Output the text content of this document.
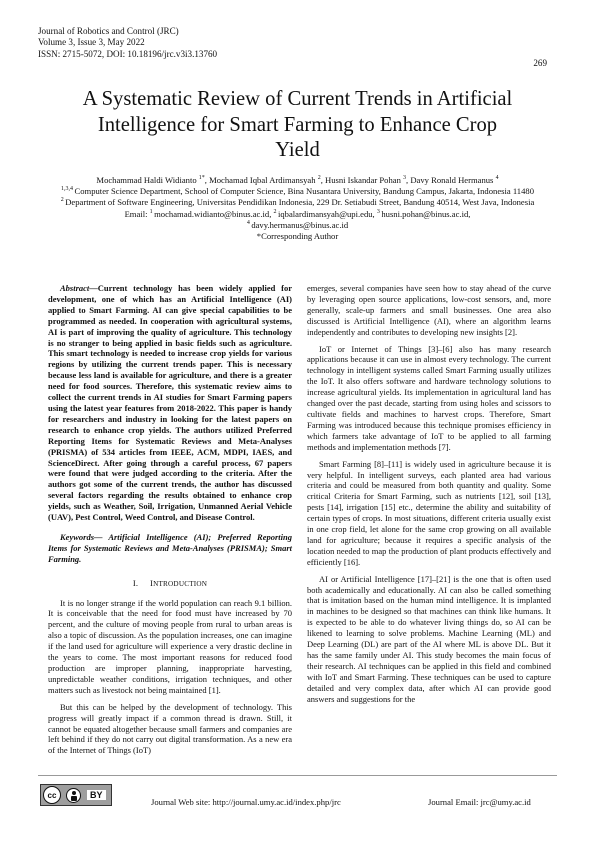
Journal of Robotics and Control (JRC)
Volume 3, Issue 3, May 2022
ISSN: 2715-5072, DOI: 10.18196/jrc.v3i3.13760
269
A Systematic Review of Current Trends in Artificial
Intelligence for Smart Farming to Enhance Crop
Yield
Mochammad Haldi Widianto $^{1*}$, Mochamad Iqbal Ardimansyah $^2$, Husni Iskandar Pohan $^3$, Davy Ronald Hermanus $^4$
$^{1,3,4}$ Computer Science Department, School of Computer Science, Bina Nusantara University, Bandung Campus, Jakarta, Indonesia 11480
$^2$ Department of Software Engineering, Universitas Pendidikan Indonesia, 229 Dr. Setiabudi Street, Bandung 40514, West Java, Indonesia
Email: $^1$ mochamad.widianto@binus.ac.id, $^2$ iqbalardimansyah@upi.edu, $^3$ husni.pohan@binus.ac.id,
$^4$ davy.hermanus@binus.ac.id
*Corresponding Author

Abstract—Current technology has been widely applied for development, one of which has an Artificial Intelligence (AI) applied to Smart Farming. AI can give special capabilities to be programmed as needed. In cooperation with agricultural systems, AI is part of improving the quality of agriculture. This technology is no stranger to being applied in basic fields such as agriculture. This smart technology is needed to increase crop yields for various regions by utilizing the current trends paper. This is necessary because less land is available for agriculture, and there is a greater need for food sources. Therefore, this systematic review aims to collect the current trends in AI studies for Smart Farming papers using the latest year features from 2018-2022. This paper is handy for researchers and industry in looking for the latest papers on research to enhance crop yields. The authors utilized Preferred Reporting Items for Systematic Reviews and Meta-Analyses (PRISMA) of 534 articles from IEEE, ACM, MDPI, IAES, and ScienceDirect. After going through a careful process, 67 papers were found that were judged according to the criteria. After the authors got some of the current trends, the author has discussed several factors regarding the results obtained to enhance crop yields, such as Weather, Soil, Irrigation, Unmanned Aerial Vehicle (UAV), Pest Control, Weed Control, and Disease Control.

Keywords— Artificial Intelligence (AI); Preferred Reporting Items for Systematic Reviews and Meta-Analyses (PRISMA); Smart Farming.

I. INTRODUCTION

It is no longer strange if the world population can reach 9.1 billion. It is conceivable that the need for food must have increased by 70 percent, and the culture of moving people from rural to urban areas is also a topic of discussion. As the population increases, one can imagine if the land used for agriculture will experience a very drastic decline in the years to come. The most important reasons for reduced food production are improper planning, inappropriate harvesting, unpredictable weather conditions, irrigation techniques, and other matters such as livestock not being maintained [1].

But this can be helped by the development of technology. This progress will greatly impact if a common thread is drawn. Still, it cannot be equated altogether because small farmers and companies are left behind if they do not carry out digital transformation. As a new era of the Internet of Things (IoT)

emerges, several companies have seen how to stay ahead of the curve by leveraging open source applications, low-cost sensors, and, more generally, scale-up farmers and small businesses. One area also discussed is Artificial Intelligence (AI), where an algorithm learns independently and contributes to developing new insights [2].

IoT or Internet of Things [3]–[6] also has many research applications because it can use in almost every technology. The current technology in intelligent systems called Smart Farming usually utilizes the IoT. It also offers software and hardware technology solutions to increase agricultural yields. Its implementation in agricultural land has changed over the past decade, starting from using holes and scissors to cultivate fields and machines to harvest crops. Therefore, Smart Farming was introduced because this technique promises efficiency in which farmers take advantage of IoT to be applied to all farming methods and implementation methods [7].

Smart Farming [8]–[11] is widely used in agriculture because it is very helpful. In intelligent surveys, each planted area had various criteria and could be measured from both quantity and quality. Some critical Criteria for Smart Farming, such as nutrients [12], soil [13], pests [14], irrigation [15] etc., determine the ability and suitability of certain types of crops. In most situations, different criteria usually exist in one crop field, let alone for the same crop growing on all available land for agriculture; because it requires a specific analysis of the location needed to map the production of plant products effectively and efficiently [16].

AI or Artificial Intelligence [17]–[21] is the one that is often used both academically and educationally. AI can also be called something that is imitation based on the human mind intelligence. It is implanted in machines to be designed so that machines can think like humans. It is expected to be able to do whatever living things do, so AI can be likened to learning to solve problems. Machine Learning (ML) and Deep Learning (DL) are part of the AI where ML is above DL. But it has the same family under AI. This study becomes the main focus of their research. AI techniques can be applied in this field and combined with IoT and Smart Farming. These techniques can be used to capture detailed and very complex data, after which AI can provide good answers and suggestions for the

cc	BY
Journal Web site: http://journal.umy.ac.id/index.php/jrc	Journal Email: jrc@umy.ac.id
